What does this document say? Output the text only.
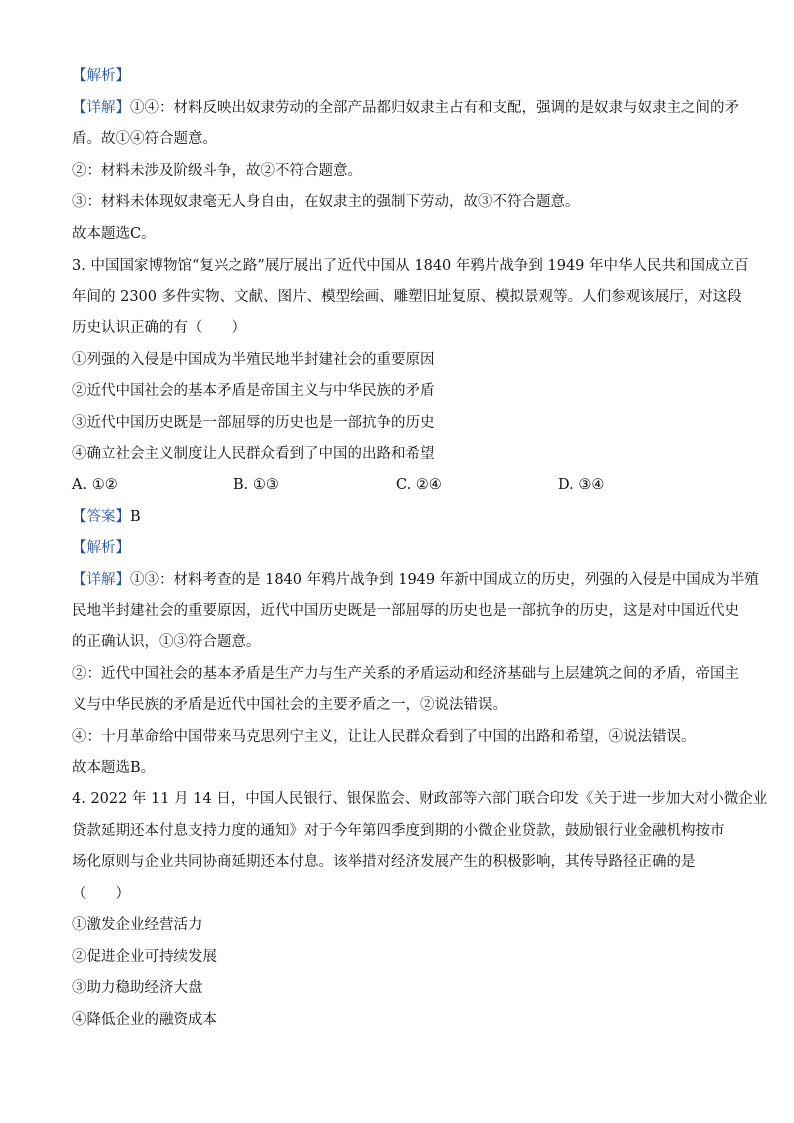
【解析】
【详解】①④：材料反映出奴隶劳动的全部产品都归奴隶主占有和支配，强调的是奴隶与奴隶主之间的矛
盾。故①④符合题意。
②：材料未涉及阶级斗争，故②不符合题意。
③：材料未体现奴隶毫无人身自由，在奴隶主的强制下劳动，故③不符合题意。
故本题选C。
3. 中国国家博物馆“复兴之路”展厅展出了近代中国从 1840 年鸦片战争到 1949 年中华人民共和国成立百
年间的 2300 多件实物、文献、图片、模型绘画、雕塑旧址复原、模拟景观等。人们参观该展厅，对这段
历史认识正确的有（　　）
①列强的入侵是中国成为半殖民地半封建社会的重要原因
②近代中国社会的基本矛盾是帝国主义与中华民族的矛盾
③近代中国历史既是一部屈辱的历史也是一部抗争的历史
④确立社会主义制度让人民群众看到了中国的出路和希望
A. ①②	B. ①③	C. ②④	D. ③④
【答案】B
【解析】
【详解】①③：材料考查的是 1840 年鸦片战争到 1949 年新中国成立的历史，列强的入侵是中国成为半殖
民地半封建社会的重要原因，近代中国历史既是一部屈辱的历史也是一部抗争的历史，这是对中国近代史
的正确认识，①③符合题意。
②：近代中国社会的基本矛盾是生产力与生产关系的矛盾运动和经济基础与上层建筑之间的矛盾，帝国主
义与中华民族的矛盾是近代中国社会的主要矛盾之一，②说法错误。
④：十月革命给中国带来马克思列宁主义，让让人民群众看到了中国的出路和希望，④说法错误。
故本题选B。
4. 2022 年 11 月 14 日，中国人民银行、银保监会、财政部等六部门联合印发《关于进一步加大对小微企业
贷款延期还本付息支持力度的通知》对于今年第四季度到期的小微企业贷款，鼓励银行业金融机构按市
场化原则与企业共同协商延期还本付息。该举措对经济发展产生的积极影响，其传导路径正确的是
（　　）
①激发企业经营活力
②促进企业可持续发展
③助力稳助经济大盘
④降低企业的融资成本
